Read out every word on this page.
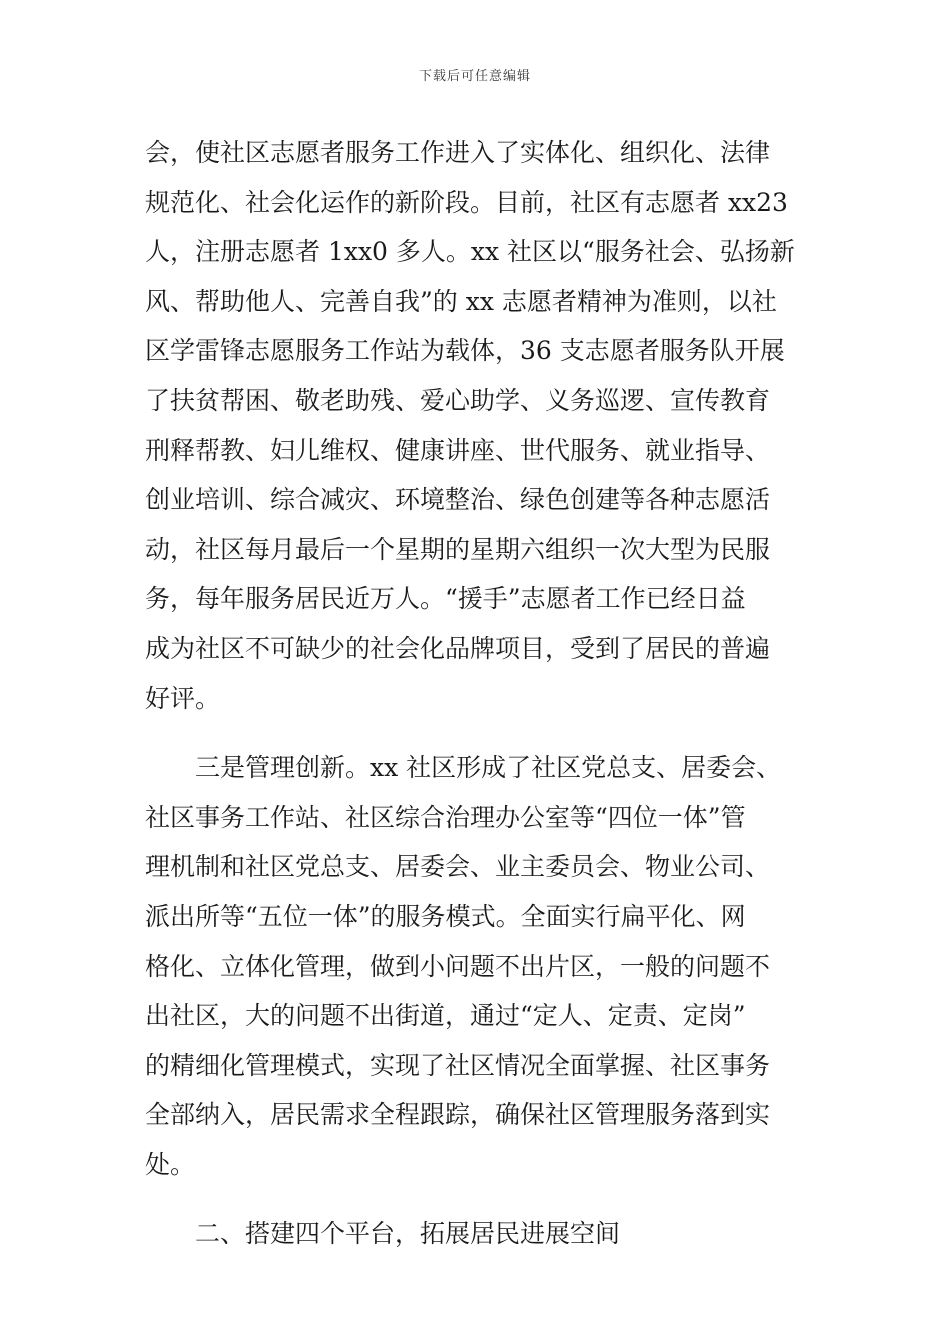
下载后可任意编辑
会，使社区志愿者服务工作进入了实体化、组织化、法律
规范化、社会化运作的新阶段。目前，社区有志愿者 xx23
人，注册志愿者 1xx0 多人。xx 社区以“服务社会、弘扬新
风、帮助他人、完善自我”的 xx 志愿者精神为准则，以社
区学雷锋志愿服务工作站为载体，36 支志愿者服务队开展
了扶贫帮困、敬老助残、爱心助学、义务巡逻、宣传教育
刑释帮教、妇儿维权、健康讲座、世代服务、就业指导、
创业培训、综合减灾、环境整治、绿色创建等各种志愿活
动，社区每月最后一个星期的星期六组织一次大型为民服
务，每年服务居民近万人。“援手”志愿者工作已经日益
成为社区不可缺少的社会化品牌项目，受到了居民的普遍
好评。
三是管理创新。xx 社区形成了社区党总支、居委会、
社区事务工作站、社区综合治理办公室等“四位一体”管
理机制和社区党总支、居委会、业主委员会、物业公司、
派出所等“五位一体”的服务模式。全面实行扁平化、网
格化、立体化管理，做到小问题不出片区，一般的问题不
出社区，大的问题不出街道，通过“定人、定责、定岗”
的精细化管理模式，实现了社区情况全面掌握、社区事务
全部纳入，居民需求全程跟踪，确保社区管理服务落到实
处。
二、搭建四个平台，拓展居民进展空间
